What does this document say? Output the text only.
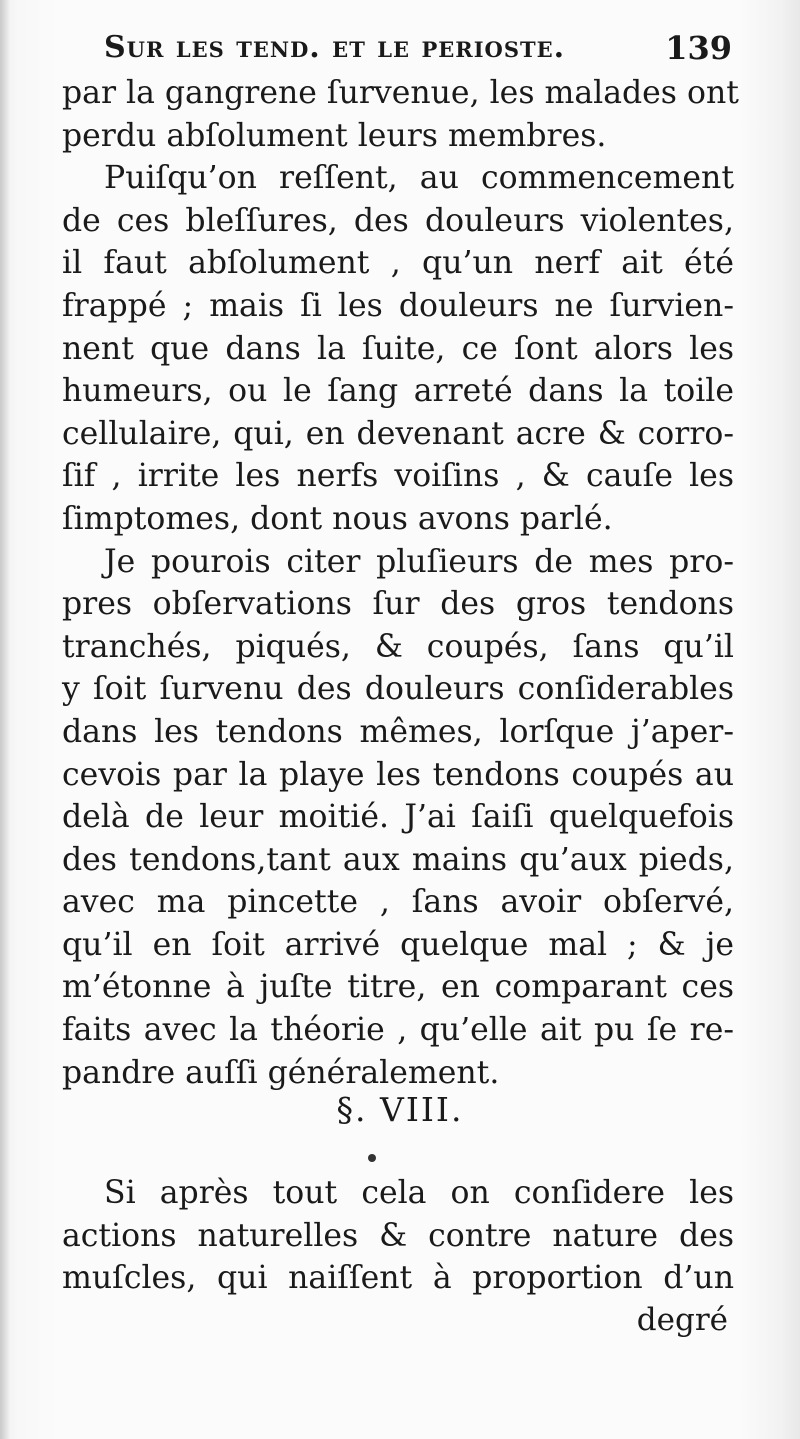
Sur les tend. et le perioste.	139
par la gangrene ſurvenue, les malades ont
perdu abſolument leurs membres.
Puiſqu’on reſſent, au commencement
de ces bleſſures, des douleurs violentes,
il faut abſolument , qu’un nerf ait été
frappé ; mais ſi les douleurs ne ſurvien-
nent que dans la ſuite, ce ſont alors les
humeurs, ou le ſang arreté dans la toile
cellulaire, qui, en devenant acre & corro-
ſif , irrite les nerfs voiſins , & cauſe les
ſimptomes, dont nous avons parlé.
Je pourois citer pluſieurs de mes pro-
pres obſervations ſur des gros tendons
tranchés, piqués, & coupés, ſans qu’il
y ſoit ſurvenu des douleurs conſiderables
dans les tendons mêmes, lorſque j’aper-
cevois par la playe les tendons coupés au
delà de leur moitié. J’ai ſaiſi quelquefois
des tendons,tant aux mains qu’aux pieds,
avec ma pincette , ſans avoir obſervé,
qu’il en ſoit arrivé quelque mal ; & je
m’étonne à juſte titre, en comparant ces
faits avec la théorie , qu’elle ait pu ſe re-
pandre auſſi généralement.
§. VIII.
Si après tout cela on conſidere les
actions naturelles & contre nature des
muſcles, qui naiſſent à proportion d’un
degré
